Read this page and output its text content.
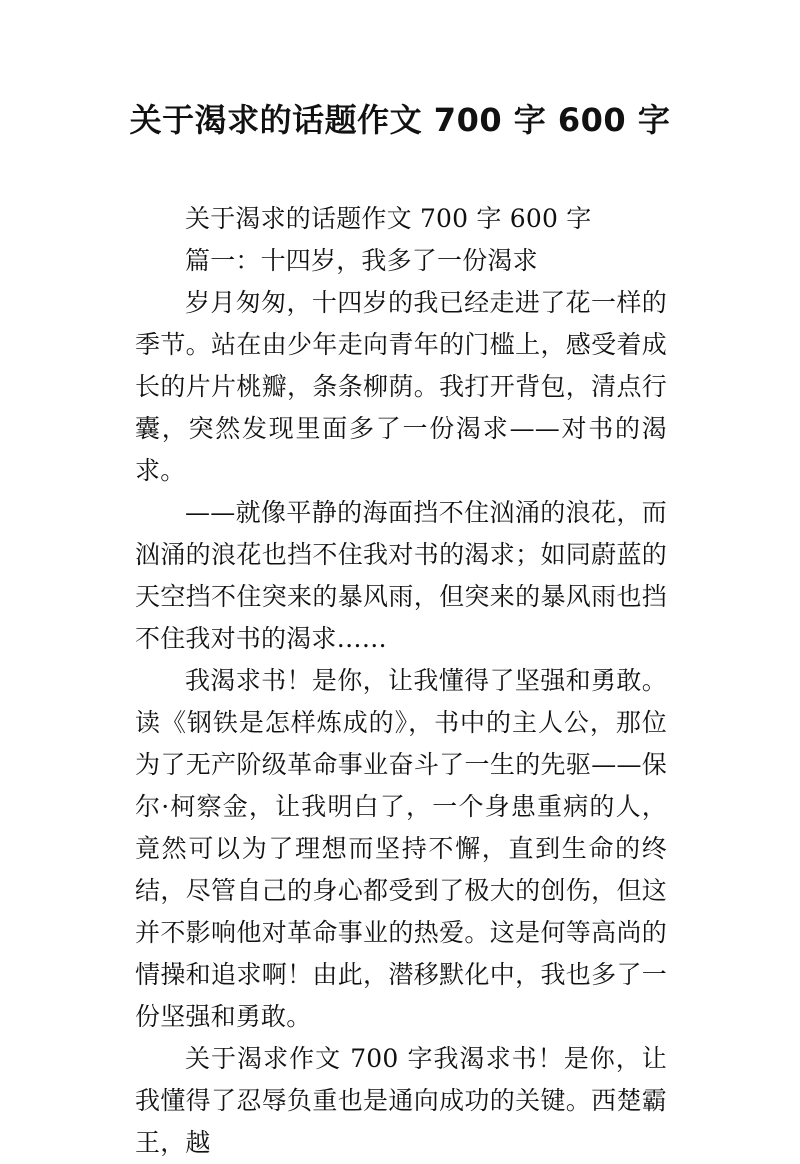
关于渴求的话题作文 700 字 600 字

关于渴求的话题作文 700 字 600 字

篇一：十四岁，我多了一份渴求

岁月匆匆，十四岁的我已经走进了花一样的季节。站在由少年走向青年的门槛上，感受着成长的片片桃瓣，条条柳荫。我打开背包，清点行囊，突然发现里面多了一份渴求——对书的渴求。

——就像平静的海面挡不住汹涌的浪花，而汹涌的浪花也挡不住我对书的渴求；如同蔚蓝的天空挡不住突来的暴风雨，但突来的暴风雨也挡不住我对书的渴求……

我渴求书！是你，让我懂得了坚强和勇敢。读《钢铁是怎样炼成的》，书中的主人公，那位为了无产阶级革命事业奋斗了一生的先驱——保尔·柯察金，让我明白了，一个身患重病的人，竟然可以为了理想而坚持不懈，直到生命的终结，尽管自己的身心都受到了极大的创伤，但这并不影响他对革命事业的热爱。这是何等高尚的情操和追求啊！由此，潜移默化中，我也多了一份坚强和勇敢。

关于渴求作文 700 字我渴求书！是你，让我懂得了忍辱负重也是通向成功的关键。西楚霸王，越
